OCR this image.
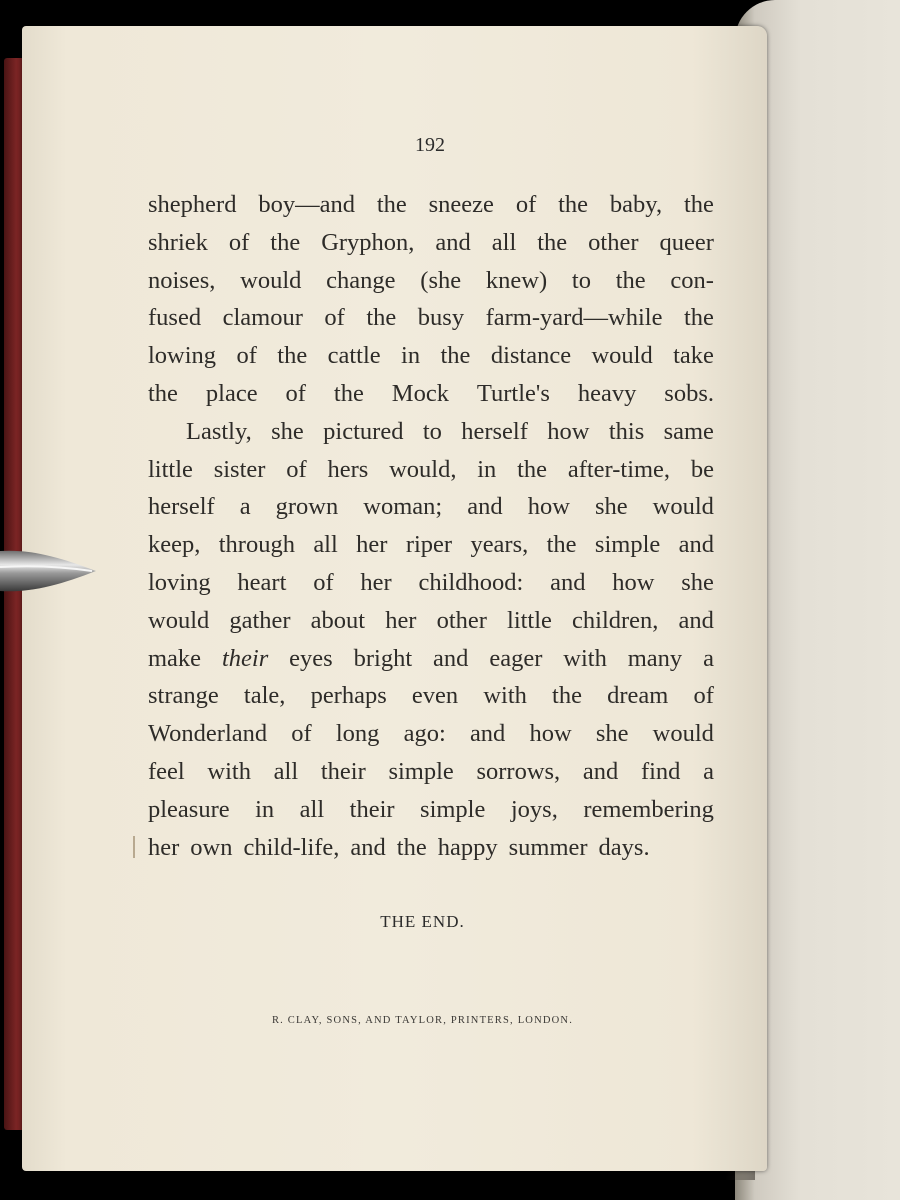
192
shepherd boy—and the sneeze of the baby, the
shriek of the Gryphon, and all the other queer
noises, would change (she knew) to the con-
fused clamour of the busy farm-yard—while the
lowing of the cattle in the distance would take
the place of the Mock Turtle's heavy sobs.
Lastly, she pictured to herself how this same
little sister of hers would, in the after-time, be
herself a grown woman; and how she would
keep, through all her riper years, the simple and
loving heart of her childhood: and how she
would gather about her other little children, and
make their eyes bright and eager with many a
strange tale, perhaps even with the dream of
Wonderland of long ago: and how she would
feel with all their simple sorrows, and find a
pleasure in all their simple joys, remembering
her own child-life, and the happy summer days.
THE END.
R. CLAY, SONS, AND TAYLOR, PRINTERS, LONDON.
